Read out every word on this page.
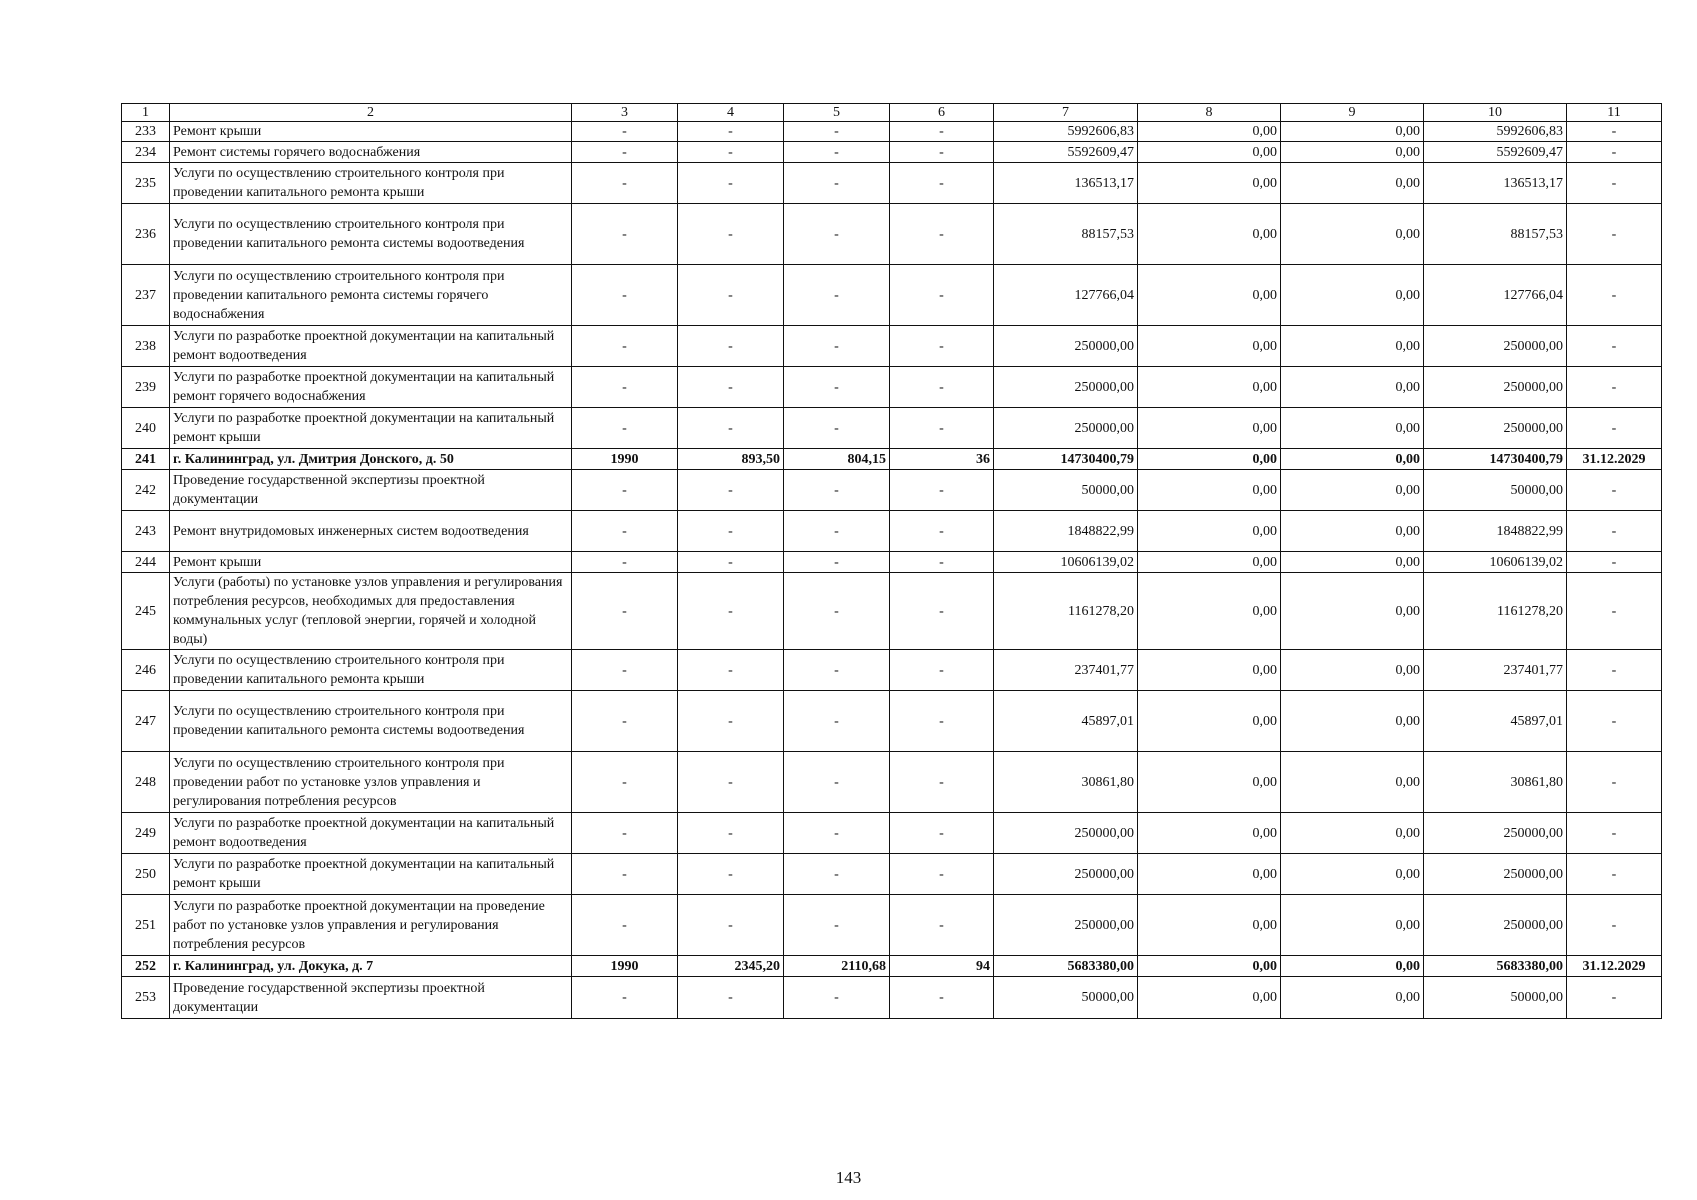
1	2	3	4	5	6	7	8	9	10	11
233	Ремонт крыши	-	-	-	-	5992606,83	0,00	0,00	5992606,83	-
234	Ремонт системы горячего водоснабжения	-	-	-	-	5592609,47	0,00	0,00	5592609,47	-
235	Услуги по осуществлению строительного контроля при проведении капитального ремонта крыши	-	-	-	-	136513,17	0,00	0,00	136513,17	-
236	Услуги по осуществлению строительного контроля при проведении капитального ремонта системы водоотведения	-	-	-	-	88157,53	0,00	0,00	88157,53	-
237	Услуги по осуществлению строительного контроля при проведении капитального ремонта системы горячего водоснабжения	-	-	-	-	127766,04	0,00	0,00	127766,04	-
238	Услуги по разработке проектной документации на капитальный ремонт водоотведения	-	-	-	-	250000,00	0,00	0,00	250000,00	-
239	Услуги по разработке проектной документации на капитальный ремонт горячего водоснабжения	-	-	-	-	250000,00	0,00	0,00	250000,00	-
240	Услуги по разработке проектной документации на капитальный ремонт крыши	-	-	-	-	250000,00	0,00	0,00	250000,00	-
241	г. Калининград, ул. Дмитрия Донского, д. 50	1990	893,50	804,15	36	14730400,79	0,00	0,00	14730400,79	31.12.2029
242	Проведение государственной экспертизы проектной документации	-	-	-	-	50000,00	0,00	0,00	50000,00	-
243	Ремонт внутридомовых инженерных систем водоотведения	-	-	-	-	1848822,99	0,00	0,00	1848822,99	-
244	Ремонт крыши	-	-	-	-	10606139,02	0,00	0,00	10606139,02	-
245	Услуги (работы) по установке узлов управления и регулирования потребления ресурсов, необходимых для предоставления коммунальных услуг (тепловой энергии, горячей и холодной воды)	-	-	-	-	1161278,20	0,00	0,00	1161278,20	-
246	Услуги по осуществлению строительного контроля при проведении капитального ремонта крыши	-	-	-	-	237401,77	0,00	0,00	237401,77	-
247	Услуги по осуществлению строительного контроля при проведении капитального ремонта системы водоотведения	-	-	-	-	45897,01	0,00	0,00	45897,01	-
248	Услуги по осуществлению строительного контроля при проведении работ по установке узлов управления и регулирования потребления ресурсов	-	-	-	-	30861,80	0,00	0,00	30861,80	-
249	Услуги по разработке проектной документации на капитальный ремонт водоотведения	-	-	-	-	250000,00	0,00	0,00	250000,00	-
250	Услуги по разработке проектной документации на капитальный ремонт крыши	-	-	-	-	250000,00	0,00	0,00	250000,00	-
251	Услуги по разработке проектной документации на проведение работ по установке узлов управления и регулирования потребления ресурсов	-	-	-	-	250000,00	0,00	0,00	250000,00	-
252	г. Калининград, ул. Докука, д. 7	1990	2345,20	2110,68	94	5683380,00	0,00	0,00	5683380,00	31.12.2029
253	Проведение государственной экспертизы проектной документации	-	-	-	-	50000,00	0,00	0,00	50000,00	-
143
